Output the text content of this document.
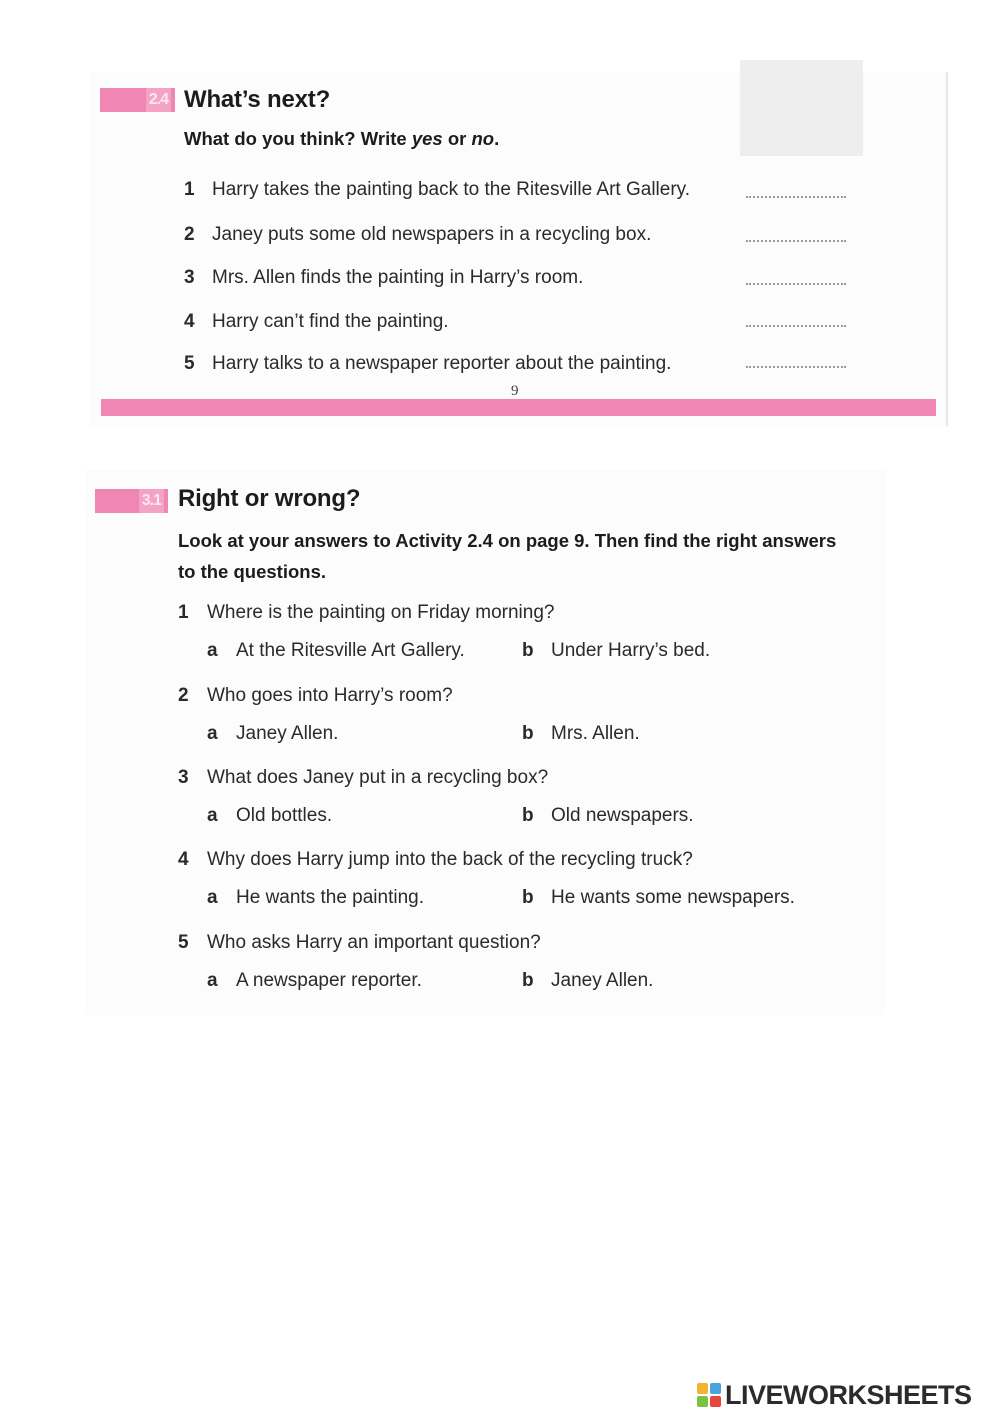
2.4 What’s next?
What do you think? Write yes or no.
1 Harry takes the painting back to the Ritesville Art Gallery.
2 Janey puts some old newspapers in a recycling box.
3 Mrs. Allen finds the painting in Harry’s room.
4 Harry can’t find the painting.
5 Harry talks to a newspaper reporter about the painting.
9
3.1 Right or wrong?
Look at your answers to Activity 2.4 on page 9. Then find the right answers to the questions.
1 Where is the painting on Friday morning?
a At the Ritesville Art Gallery.	b Under Harry’s bed.
2 Who goes into Harry’s room?
a Janey Allen.	b Mrs. Allen.
3 What does Janey put in a recycling box?
a Old bottles.	b Old newspapers.
4 Why does Harry jump into the back of the recycling truck?
a He wants the painting.	b He wants some newspapers.
5 Who asks Harry an important question?
a A newspaper reporter.	b Janey Allen.
LIVEWORKSHEETS
